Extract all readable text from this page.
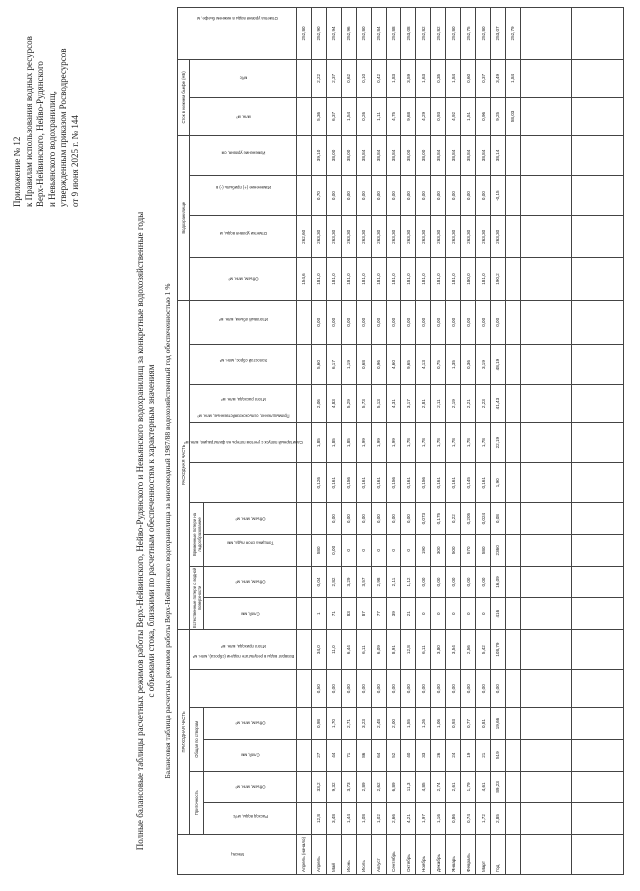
Приложение № 12 к Правилам использования водных ресурсов Верх-Нейвинского, Нейво-Рудянского и Невьянского водохранилищ, утвержденным приказом Росводресурсов от 9 июня 2025 г. № 144
Полные балансовые таблицы расчетных режимов работы Верх-Нейвинского, Нейво-Рудянского и Невьянского водохранилищ за конкретные водохозяйственные годы с объемами стока, близкими по расчетным обеспеченностям к характерным значениям Балансовая таблица расчетных режимов работы Верх-Нейвинского водохранилища за многоводный 1987/88 водохозяйственный год обеспеченностью 1 %
Месяц	ПРИХОДНАЯ ЧАСТЬ						РАСХОДНАЯ ЧАСТЬ									Водохранилище				Сток в нижнем бьефе (НБ)		Отметка уровня воды в нижнем бьефе, м
	Приточность		Общая по створам		Возврат воды в результате подачи (сброса), млн. м³	Итого прихода, млн. м³	Естественные потери с водной поверхности		Временные потери на льдообразование		Санитарный попуск с учетом потерь на фильтрацию, млн. м³	Промышленно, сельскохозяйственные, млн. м³	Итого расхода, млн. м³	Холостой сброс, млн. м³	Итоговый объем, млн. м³	Объем, млн. м³	Отметки уровня воды, м	Изменение (+) прибыль (-) в	Изменение уровня, см	млн. м³	м³/с	
	Расход воды, м³/с	Объем, млн. м³	Слой, мм	Объем, млн. м³			Слой, мм	Объем, млн. м³	Толщина слоя льда, мм	Объем, млн. м³												
Апрель (начало)																154,6	262,60					252,80
Апрель	12,8	33,2	27	0,98	0,50	34,0	1	0,04	580		0,126	1,85	2,06	5,60	0,00	181,0	263,30	0,70	39,10	5,36	2,22	252,90
Май	3,48	9,32	44	1,70	0,00	11,0	71	2,82	0,00	0,00	0,161	1,85	4,83	6,17	0,00	181,0	263,30	0,00	38,00	6,37	2,37	252,94
Июнь	1,44	3,73	71	2,71	0,00	6,44	83	3,29	0	0,00	0,156	1,85	5,29	1,19	0,00	181,0	263,30	0,00	38,00	1,54	0,62	252,96
Июль	1,08	2,89	86	3,23	0,00	6,11	87	3,57	0	0,00	0,161	1,99	5,73	0,68	0,00	181,0	263,30	0,00	38,84	0,26	0,10	252,80
Август	1,02	2,62	64	2,48	0,00	6,09	77	2,98	0	0,00	0,161	1,99	5,13	0,96	0,00	181,0	263,30	0,00	38,84	1,11	0,42	252,84
Сентябрь	2,66	6,89	52	2,00	0,00	8,91	39	2,11	0	0,00	0,156	1,99	4,31	4,60	0,00	181,0	263,30	0,00	38,84	4,75	1,83	252,88
Октябрь	4,21	11,3	40	1,55	0,00	12,8	21	1,12	0	0,00	0,161	1,78	3,17	9,65	0,00	181,0	263,30	0,00	38,00	9,68	3,59	253,08
Ноябрь	1,97	4,85	33	1,26	0,00	6,11	0	0,00	190	0,073	0,156	1,78	2,81	4,13	0,00	181,0	263,30	0,00	38,00	4,29	1,63	252,82
Декабрь	1,16	2,74	26	1,06	0,00	3,80	0	0,00	300	0,175	0,161	1,78	2,11	0,75	0,00	181,0	263,30	0,00	38,84	0,93	0,35	252,82
Январь	0,86	2,61	24	0,93	0,00	3,54	0	0,00	500	0,22	0,161	1,78	2,19	1,35	0,00	181,0	263,30	0,00	38,84	4,92	1,84	252,80
Февраль	0,74	1,79	19	0,77	0,00	2,56	0	0,00	570	0,205	0,145	1,78	2,21	0,36	0,00	180,0	263,30	0,00	38,84	1,51	0,60	252,75
Март	1,72	4,61	21	0,81	0,00	5,42	0	0,00	580	0,024	0,161	1,78	2,23	3,19	0,00	181,0	263,30	0,00	38,84	0,96	0,37	252,80
Год	2,85	89,23	519	19,66	0,00	108,79	416	16,09	2360	0,08	1,90	22,19	41,43	48,19	0,00	190,2	263,30	-0,15	38,14	9,25	3,49	253,07
																				58,03	1,84	252,79
